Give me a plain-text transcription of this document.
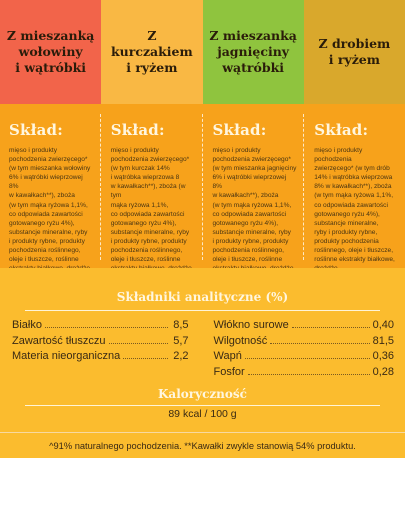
Z mieszanką
wołowiny
i wątróbki
Z kurczakiem
i ryżem
Z mieszanką
jagnięciny
wątróbki
Z drobiem
i ryżem
Skład:
mięso i produkty
pochodzenia zwierzęcego*
(w tym mieszanka wołowiny
6% i wątróbki wieprzowej 8%
w kawałkach**), zboża
(w tym mąka ryżowa 1,1%,
co odpowiada zawartości
gotowanego ryżu 4%),
substancje mineralne, ryby
i produkty rybne, produkty
pochodzenia roślinnego,
oleje i tłuszcze, roślinne

Skład:
mięso i produkty
pochodzenia zwierzęcego*
(w tym kurczak 14%
i wątróbka wieprzowa 8
w kawałkach**), zboża (w tym
mąka ryżowa 1,1%,
co odpowiada zawartości
gotowanego ryżu 4%),
substancje mineralne, ryby
i produkty rybne, produkty
pochodzenia roślinnego,
oleje i tłuszcze, roślinne

Skład:
mięso i produkty
pochodzenia zwierzęcego*
(w tym mieszanka jagnięciny
6% i wątróbki wieprzowej 8%
w kawałkach**), zboża
(w tym mąka ryżowa 1,1%,
co odpowiada zawartości
gotowanego ryżu 4%),
substancje mineralne, ryby
i produkty rybne, produkty
pochodzenia roślinnego,
oleje i tłuszcze, roślinne

Skład:
mięso i produkty
pochodzenia
zwierzęcego* (w tym drób
14% i wątróbka wieprzowa
8% w kawałkach**), zboża
(w tym mąka ryżowa 1,1%,
co odpowiada zawartości
gotowanego ryżu 4%),
substancje mineralne,
ryby i produkty rybne,
produkty pochodzenia
roślinnego, oleje i tłuszcze,
roślinne ekstrakty białkowe,

Składniki analityczne (%)
Białko	8,5
Zawartość tłuszczu	5,7
Materia nieorganiczna	2,2
Włókno surowe	0,40
Wilgotność	81,5
Wapń	0,36
Fosfor	0,28
Kaloryczność
89 kcal / 100 g
^91% naturalnego pochodzenia. **Kawałki zwykle stanowią 54% produktu.
